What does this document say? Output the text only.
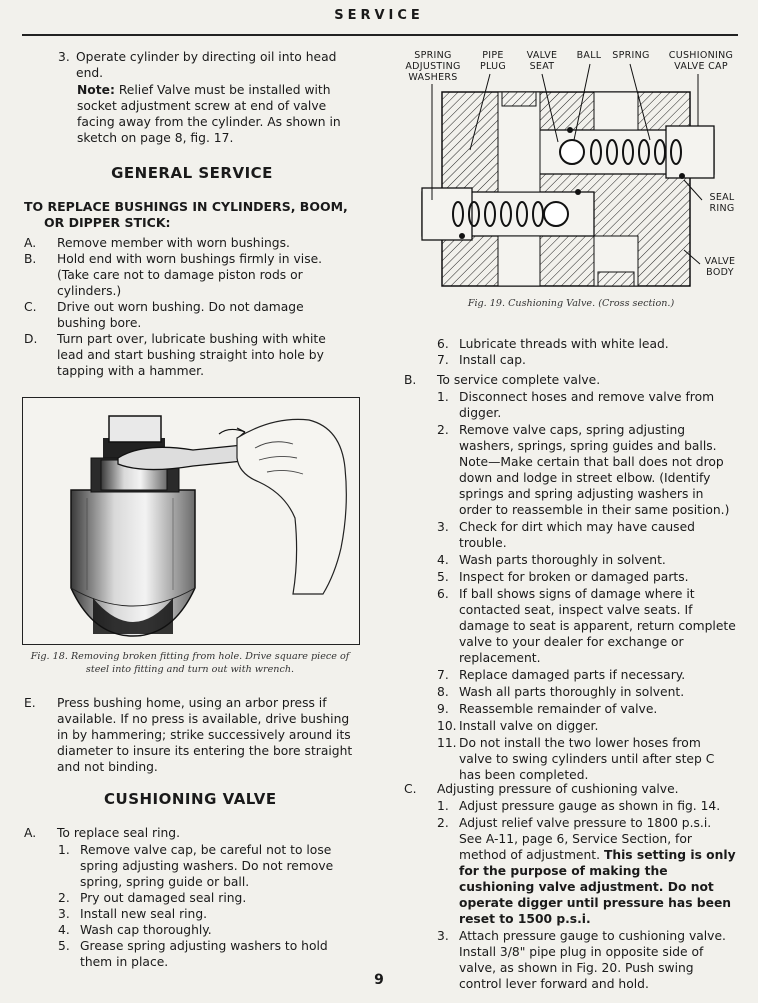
SERVICE
3. Operate cylinder by directing oil into head end.
Note: Relief Valve must be installed with socket adjustment screw at end of valve facing away from the cylinder. As shown in sketch on page 8, fig. 17.
GENERAL SERVICE
TO REPLACE BUSHINGS IN CYLINDERS, BOOM, OR DIPPER STICK:
A. Remove member with worn bushings.
B. Hold end with worn bushings firmly in vise. (Take care not to damage piston rods or cylinders.)
C. Drive out worn bushing. Do not damage bushing bore.
D. Turn part over, lubricate bushing with white lead and start bushing straight into hole by tapping with a hammer.
Fig. 18. Removing broken fitting from hole. Drive square piece of steel into fitting and turn out with wrench.
E. Press bushing home, using an arbor press if available. If no press is available, drive bushing in by hammering; strike successively around its diameter to insure its entering the bore straight and not binding.
CUSHIONING VALVE
A. To replace seal ring.
1. Remove valve cap, be careful not to lose spring adjusting washers. Do not remove spring, spring guide or ball.
2. Pry out damaged seal ring.
3. Install new seal ring.
4. Wash cap thoroughly.
5. Grease spring adjusting washers to hold them in place.
SPRING ADJUSTING WASHERS
PIPE PLUG
VALVE SEAT
BALL	SPRING	CUSHIONING VALVE CAP
SEAL RING
VALVE BODY
Fig. 19. Cushioning Valve. (Cross section.)
6. Lubricate threads with white lead.
7. Install cap.
B. To service complete valve.
1. Disconnect hoses and remove valve from digger.
2. Remove valve caps, spring adjusting washers, springs, spring guides and balls. Note—Make certain that ball does not drop down and lodge in street elbow. (Identify springs and spring adjusting washers in order to reassemble in their same position.)
3. Check for dirt which may have caused trouble.
4. Wash parts thoroughly in solvent.
5. Inspect for broken or damaged parts.
6. If ball shows signs of damage where it contacted seat, inspect valve seats. If damage to seat is apparent, return complete valve to your dealer for exchange or replacement.
7. Replace damaged parts if necessary.
8. Wash all parts thoroughly in solvent.
9. Reassemble remainder of valve.
10. Install valve on digger.
11. Do not install the two lower hoses from valve to swing cylinders until after step C has been completed.
C. Adjusting pressure of cushioning valve.
1. Adjust pressure gauge as shown in fig. 14.
2. Adjust relief valve pressure to 1800 p.s.i. See A-11, page 6, Service Section, for method of adjustment. This setting is only for the purpose of making the cushioning valve adjustment. Do not operate digger until pressure has been reset to 1500 p.s.i.
3. Attach pressure gauge to cushioning valve. Install 3/8" pipe plug in opposite side of valve, as shown in Fig. 20. Push swing control lever forward and hold.
9
